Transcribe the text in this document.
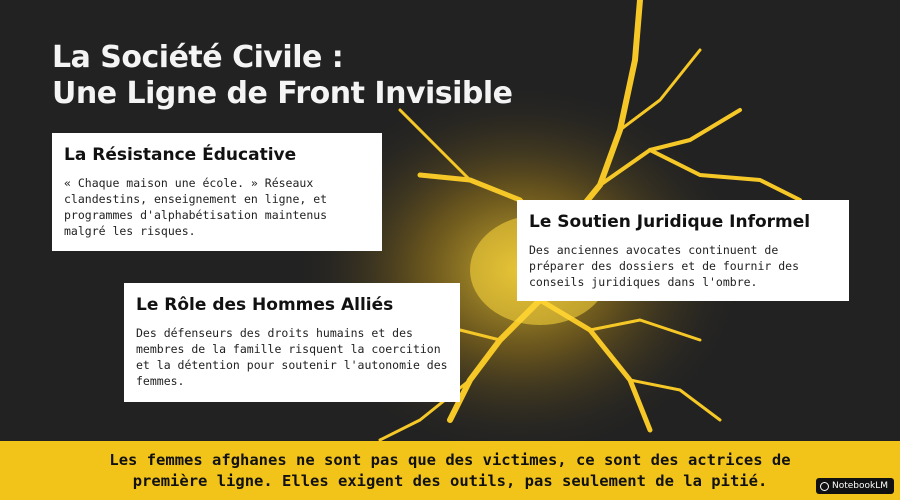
La Société Civile :
Une Ligne de Front Invisible
La Résistance Éducative

« Chaque maison une école. » Réseaux clandestins, enseignement en ligne, et programmes d'alphabétisation maintenus malgré les risques.	Le Soutien Juridique Informel

Des anciennes avocates continuent de préparer des dossiers et de fournir des conseils juridiques dans l'ombre.

Le Rôle des Hommes Alliés

Des défenseurs des droits humains et des membres de la famille risquent la coercition et la détention pour soutenir l'autonomie des femmes.

Les femmes afghanes ne sont pas que des victimes, ce sont des actrices de

première ligne. Elles exigent des outils, pas seulement de la pitié.	NotebookLM
